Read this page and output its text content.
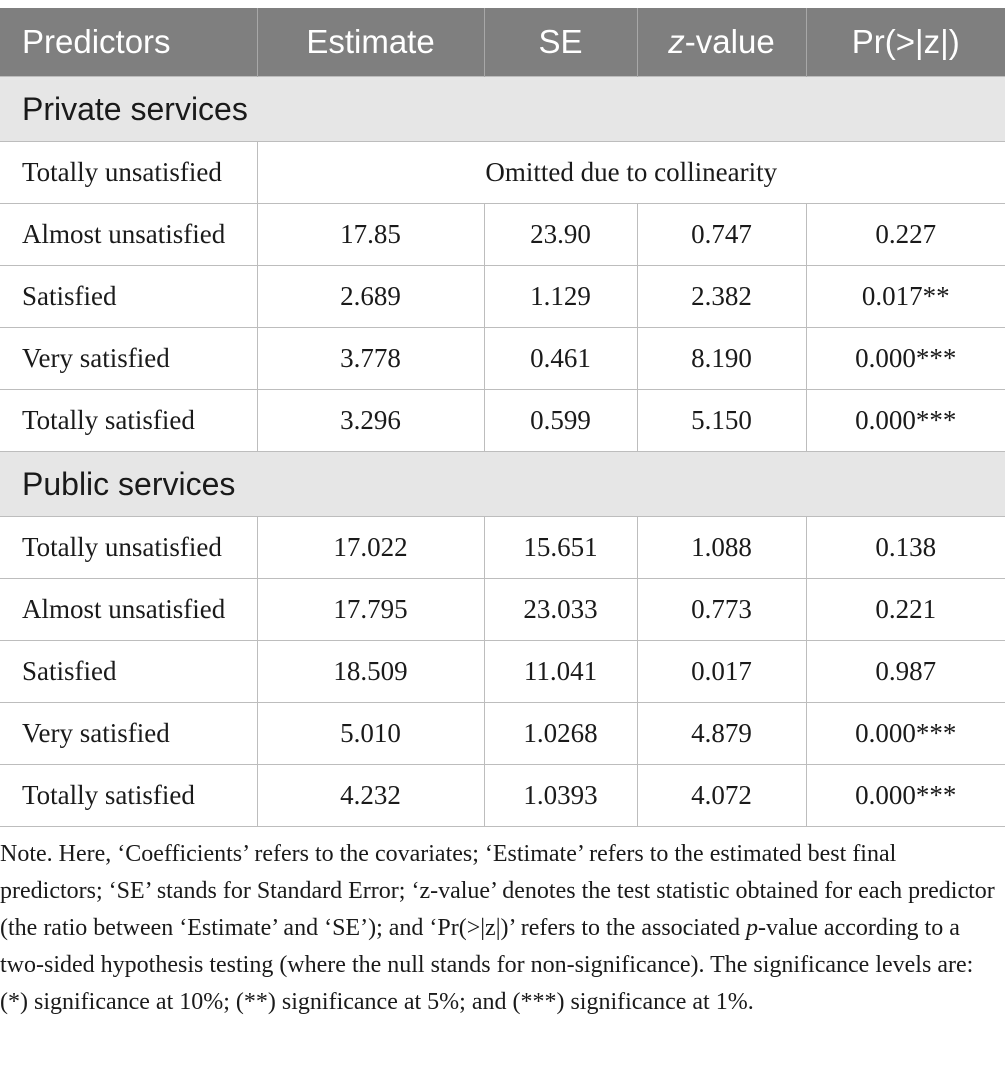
Predictors	Estimate	SE	z-value	Pr(>|z|)
Private services				
Totally unsatisfied	Omitted due to collinearity			
Almost unsatisfied	17.85	23.90	0.747	0.227
Satisfied	2.689	1.129	2.382	0.017**
Very satisfied	3.778	0.461	8.190	0.000***
Totally satisfied	3.296	0.599	5.150	0.000***
Public services				
Totally unsatisfied	17.022	15.651	1.088	0.138
Almost unsatisfied	17.795	23.033	0.773	0.221
Satisfied	18.509	11.041	0.017	0.987
Very satisfied	5.010	1.0268	4.879	0.000***
Totally satisfied	4.232	1.0393	4.072	0.000***
Note. Here, ‘Coefficients’ refers to the covariates; ‘Estimate’ refers to the estimated best final predictors; ‘SE’ stands for Standard Error; ‘z-value’ denotes the test statistic obtained for each predictor (the ratio between ‘Estimate’ and ‘SE’); and ‘Pr(>|z|)’ refers to the associated p-value according to a two-sided hypothesis testing (where the null stands for non-significance). The significance levels are: (*) significance at 10%; (**) significance at 5%; and (***) significance at 1%.
